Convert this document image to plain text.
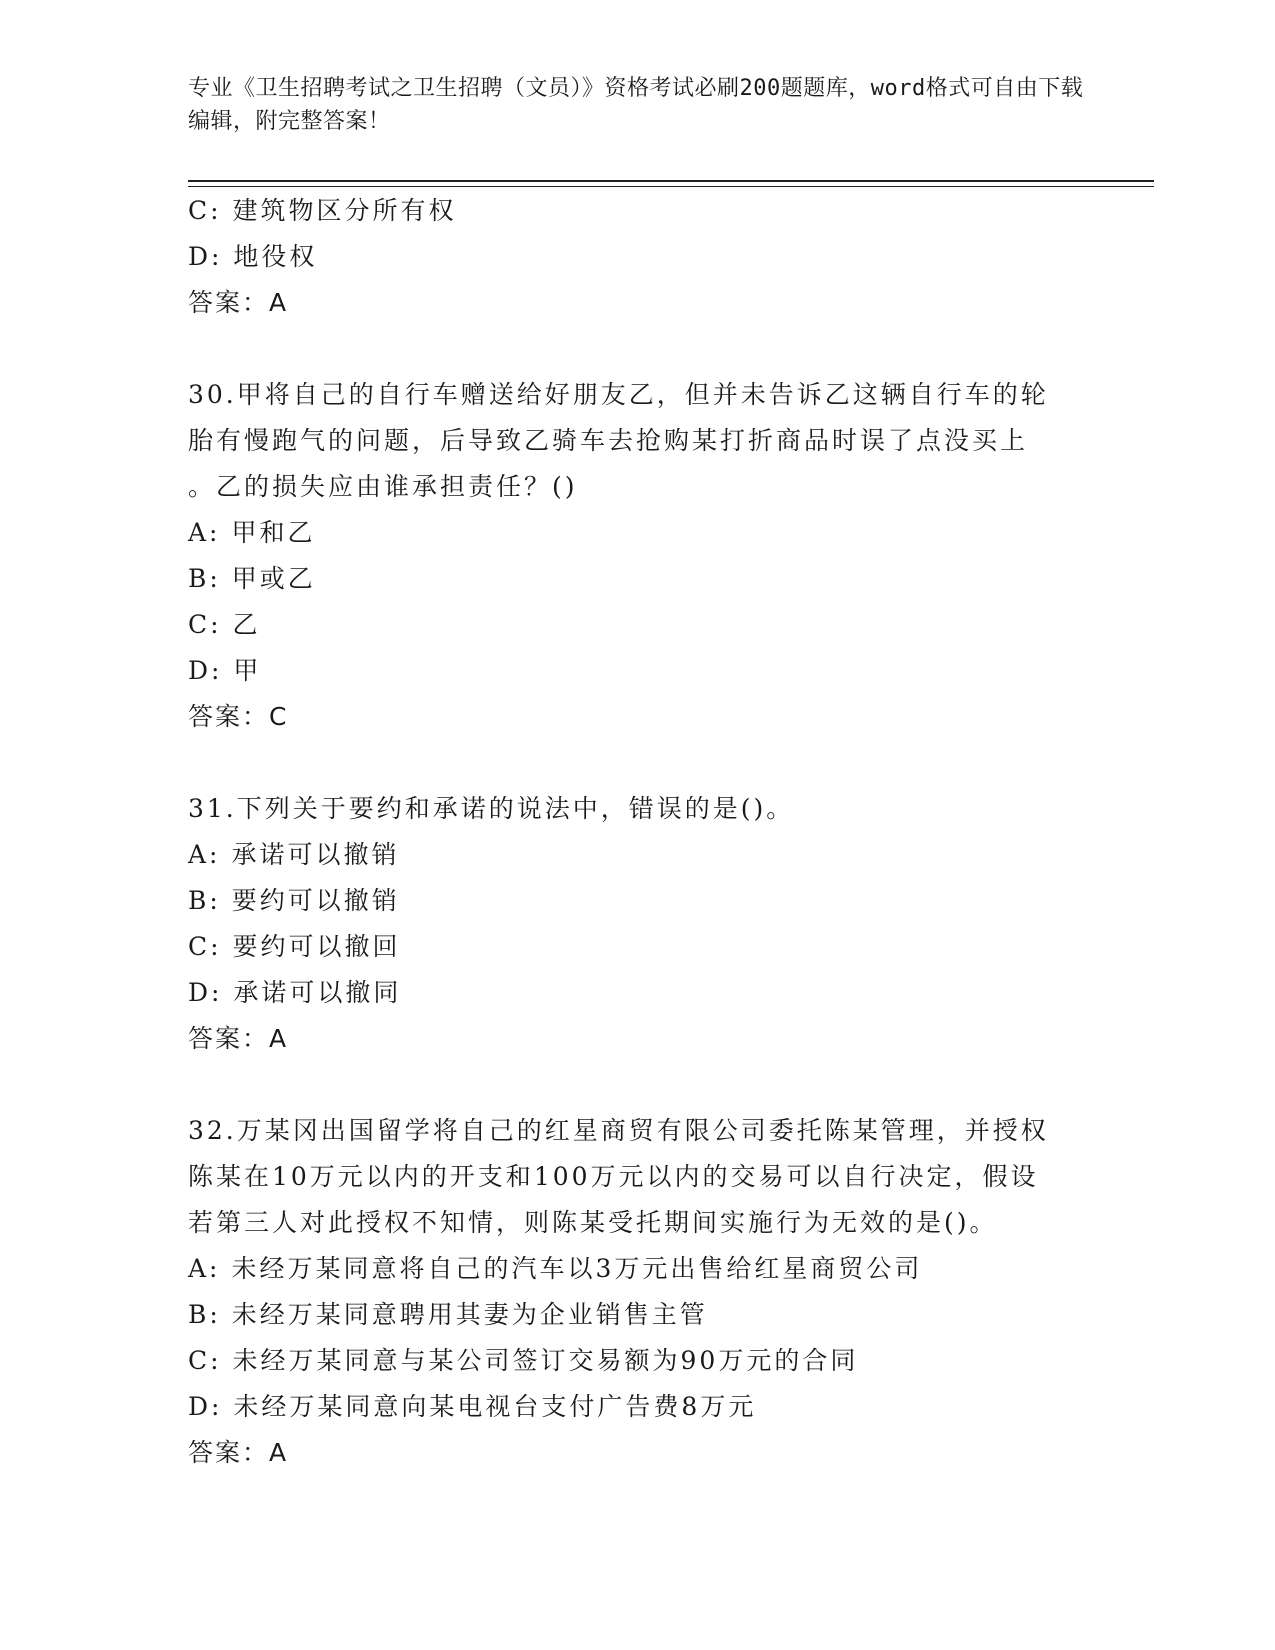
专业《卫生招聘考试之卫生招聘（文员）》资格考试必刷200题题库，word格式可自由下载编辑，附完整答案！
C: 建筑物区分所有权
D: 地役权
答案：A
30.甲将自己的自行车赠送给好朋友乙，但并未告诉乙这辆自行车的轮
胎有慢跑气的问题，后导致乙骑车去抢购某打折商品时误了点没买上
。乙的损失应由谁承担责任？()
A: 甲和乙
B: 甲或乙
C: 乙
D: 甲
答案：C
31.下列关于要约和承诺的说法中，错误的是()。
A: 承诺可以撤销
B: 要约可以撤销
C: 要约可以撤回
D: 承诺可以撤同
答案：A
32.万某冈出国留学将自己的红星商贸有限公司委托陈某管理，并授权
陈某在10万元以内的开支和100万元以内的交易可以自行决定，假设
若第三人对此授权不知情，则陈某受托期间实施行为无效的是()。
A: 未经万某同意将自己的汽车以3万元出售给红星商贸公司
B: 未经万某同意聘用其妻为企业销售主管
C: 未经万某同意与某公司签订交易额为90万元的合同
D: 未经万某同意向某电视台支付广告费8万元
答案：A
